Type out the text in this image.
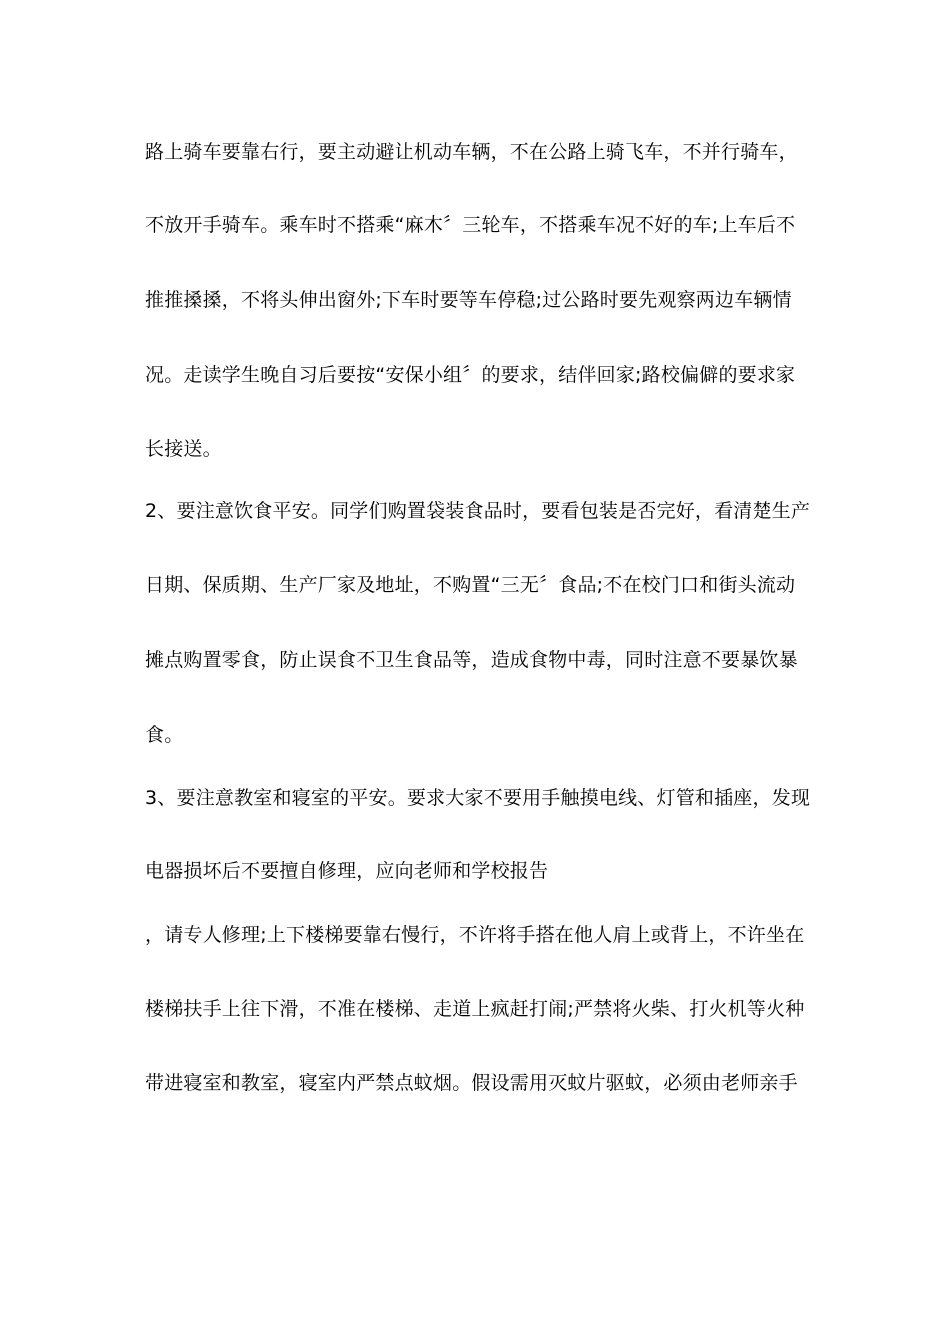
路上骑车要靠右行，要主动避让机动车辆，不在公路上骑飞车，不并行骑车，
不放开手骑车。乘车时不搭乘“麻木〞三轮车，不搭乘车况不好的车;上车后不
推推搡搡，不将头伸出窗外;下车时要等车停稳;过公路时要先观察两边车辆情
况。走读学生晚自习后要按“安保小组〞的要求，结伴回家;路校偏僻的要求家
长接送。
2、要注意饮食平安。同学们购置袋装食品时，要看包装是否完好，看清楚生产
日期、保质期、生产厂家及地址，不购置“三无〞食品;不在校门口和街头流动
摊点购置零食，防止误食不卫生食品等，造成食物中毒，同时注意不要暴饮暴
食。
3、要注意教室和寝室的平安。要求大家不要用手触摸电线、灯管和插座，发现
电器损坏后不要擅自修理，应向老师和学校报告
，请专人修理;上下楼梯要靠右慢行，不许将手搭在他人肩上或背上，不许坐在
楼梯扶手上往下滑，不准在楼梯、走道上疯赶打闹;严禁将火柴、打火机等火种
带进寝室和教室，寝室内严禁点蚊烟。假设需用灭蚊片驱蚊，必须由老师亲手
